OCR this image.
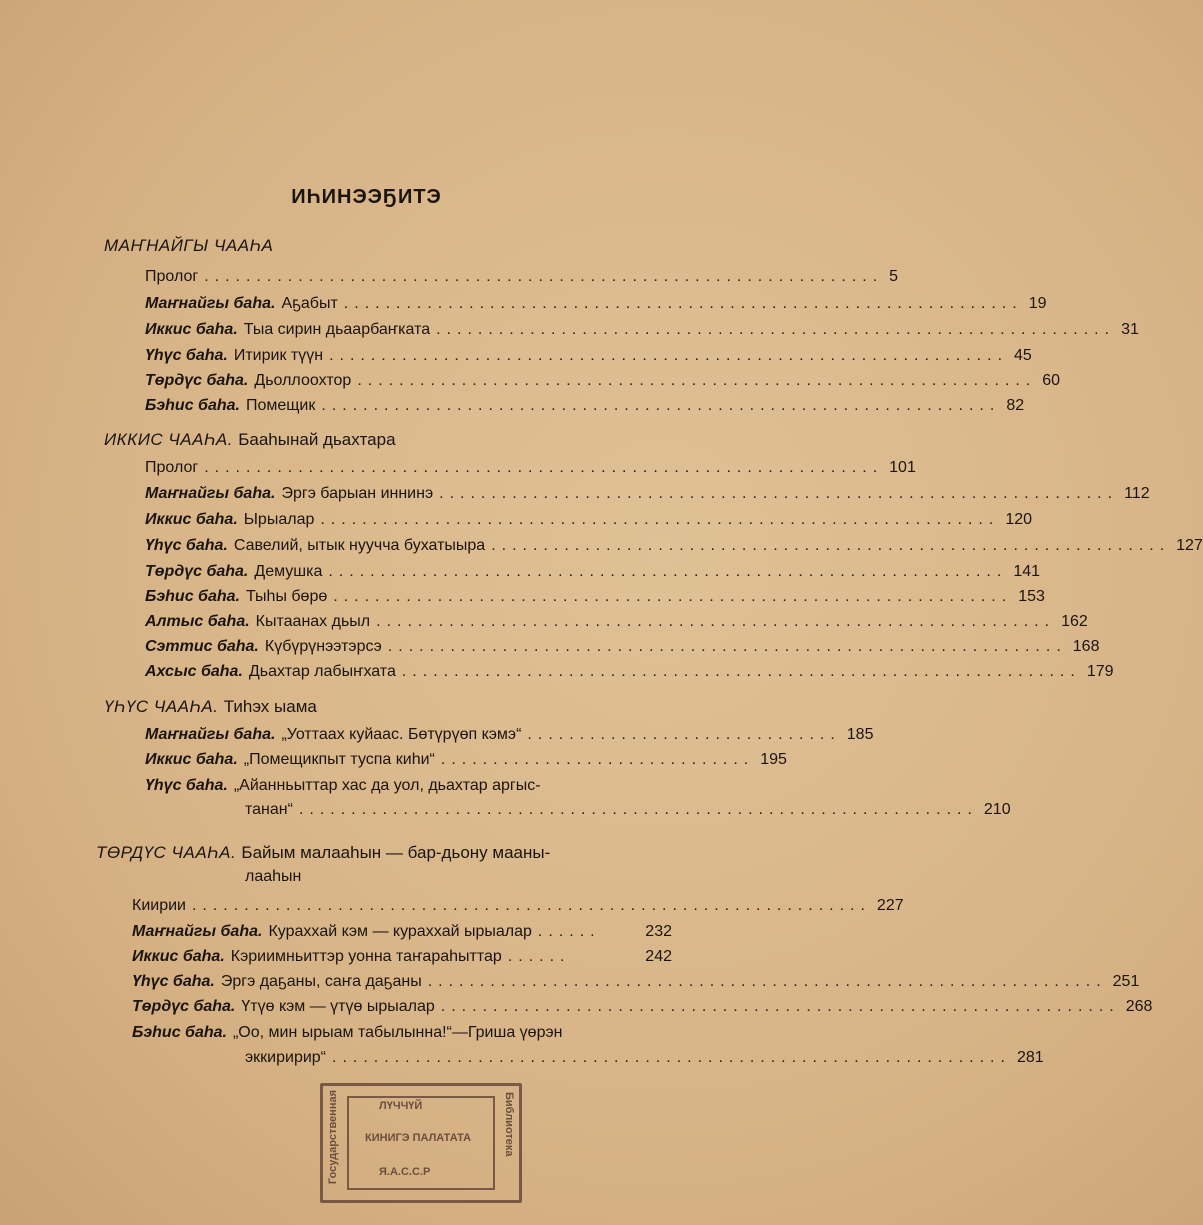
ИҺИНЭЭҔИТЭ
МАҤНАЙГЫ ЧААҺА
Пролог ................................................................. 5
Маҥнайгы баһа. Аҕабыт ................................................................. 19
Иккис баһа. Тыа сирин дьаарбаҥката ................................................................. 31
Үһүс баһа. Итирик түүн ................................................................. 45
Төрдүс баһа. Дьоллоохтор ................................................................. 60
Бэһис баһа. Помещик ................................................................. 82
ИККИС ЧААҺА. Бааһынай дьахтара
Пролог ................................................................. 101
Маҥнайгы баһа. Эргэ барыан иннинэ ................................................................. 112
Иккис баһа. Ырыалар ................................................................. 120
Үһүс баһа. Савелий, ытык нуучча бухатыыра ................................................................. 127
Төрдүс баһа. Демушка ................................................................. 141
Бэһис баһа. Тыһы бөрө ................................................................. 153
Алтыс баһа. Кытаанах дьыл ................................................................. 162
Сэттис баһа. Күбүрүнээтэрсэ ................................................................. 168
Ахсыс баһа. Дьахтар лабыҥхата ................................................................. 179
ҮҺҮС ЧААҺА. Тиһэх ыама
Маҥнайгы баһа. „Уоттаах куйаас. Бөтүрүөп кэмэ“ .............................. 185
Иккис баһа. „Помещикпыт туспа киһи“ .............................. 195
Үһүс баһа. „Айанньыттар хас да уол, дьахтар аргыс-
танан“ ................................................................. 210
ТӨРДҮС ЧААҺА. Байым малааһын — бар-дьону мааны-
лааһын
Киирии ................................................................. 227
Маҥнайгы баһа. Курахxай кэм — курахxай ырыалар ......	232
Иккис баһа. Кэриимньиттэр уонна таҥараһыттар ......	242
Үһүс баһа. Эргэ даҕаны, саҥа даҕаны ................................................................. 251
Төрдүс баһа. Үтүө кэм — үтүө ырыалар ................................................................. 268
Бэһис баһа. „Оо, мин ырыам табылынна!“—Гриша үөрэн
эккиририр“ ................................................................. 281
ЛҮЧЧҮЙ
КИНИГЭ ПАЛАТАТА
Я.А.С.С.Р
Государственная	Библиотека
